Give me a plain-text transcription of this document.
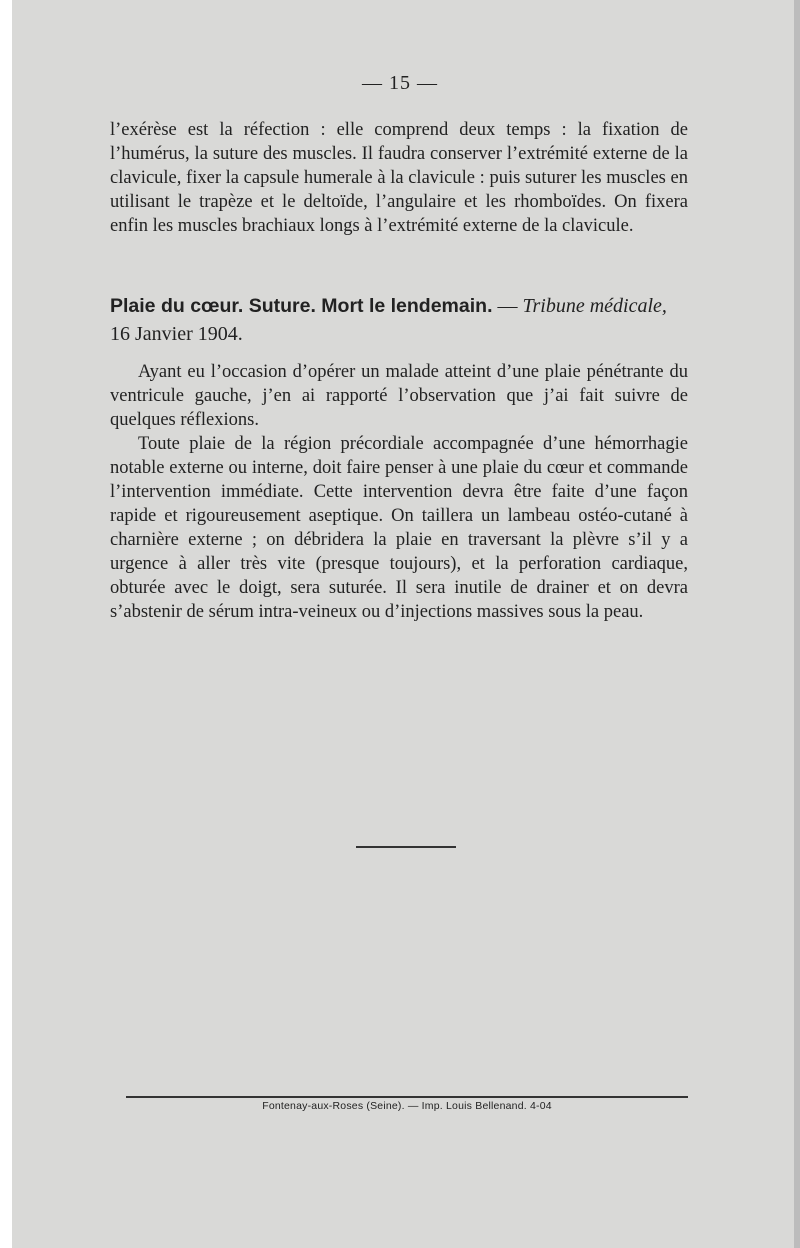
— 15 —

l’exérèse est la réfection : elle comprend deux temps : la fixation de l’humérus, la suture des muscles. Il faudra conserver l’extrémité externe de la clavicule, fixer la capsule humerale à la clavicule : puis suturer les muscles en utilisant le trapèze et le deltoïde, l’angulaire et les rhomboïdes. On fixera enfin les muscles brachiaux longs à l’extrémité externe de la clavicule.

Plaie du cœur. Suture. Mort le lendemain. — Tribune médicale, 16 Janvier 1904.

Ayant eu l’occasion d’opérer un malade atteint d’une plaie pénétrante du ventricule gauche, j’en ai rapporté l’observation que j’ai fait suivre de quelques réflexions.

Toute plaie de la région précordiale accompagnée d’une hémorrhagie notable externe ou interne, doit faire penser à une plaie du cœur et commande l’intervention immédiate. Cette intervention devra être faite d’une façon rapide et rigoureusement aseptique. On taillera un lambeau ostéo-cutané à charnière externe ; on débridera la plaie en traversant la plèvre s’il y a urgence à aller très vite (presque toujours), et la perforation cardiaque, obturée avec le doigt, sera suturée. Il sera inutile de drainer et on devra s’abstenir de sérum intra-veineux ou d’injections massives sous la peau.

Fontenay-aux-Roses (Seine). — Imp. Louis Bellenand. 4-04
